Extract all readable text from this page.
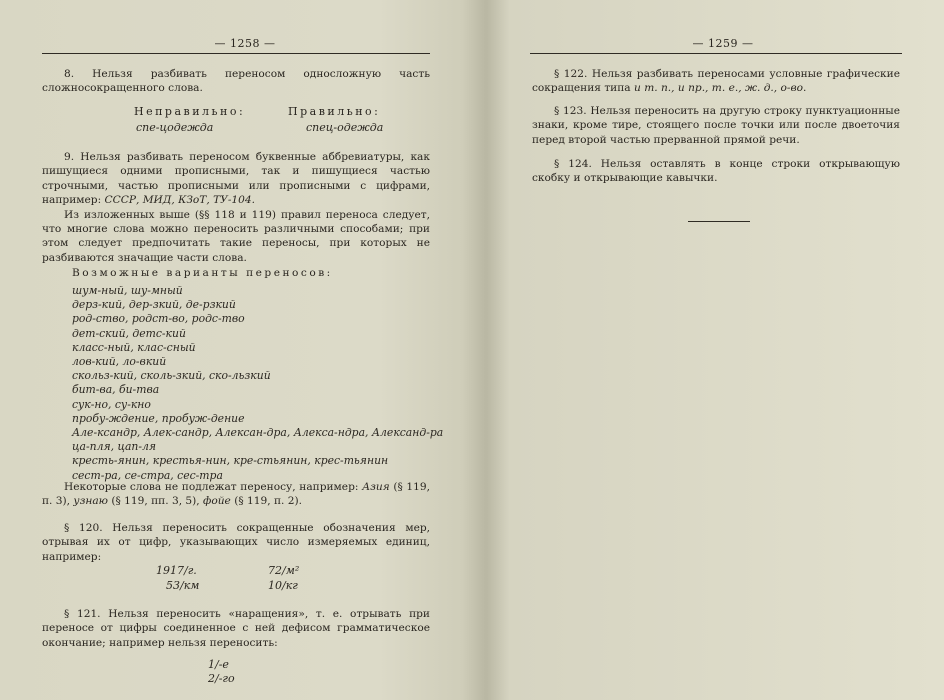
— 1258 —

8. Нельзя разбивать переносом односложную часть сложносокращенного слова.

Неправильно:	Правильно:
спе-цодежда	спец-одежда

9. Нельзя разбивать переносом буквенные аббревиатуры, как пишущиеся одними прописными, так и пишущиеся частью строчными, частью прописными или прописными с цифрами, например: СССР, МИД, КЗоТ, ТУ-104.

Из изложенных выше (§§ 118 и 119) правил переноса следует, что многие слова можно переносить различными способами; при этом следует предпочитать такие переносы, при которых не разбиваются значащие части слова.

Возможные варианты переносов:

шум-ный, шу-мный
дерз-кий, дер-зкий, де-рзкий
род-ство, родст-во, родс-тво
дет-ский, детс-кий
класс-ный, клас-сный
лов-кий, ло-вкий
скольз-кий, сколь-зкий, ско-льзкий
бит-ва, би-тва
сук-но, су-кно
пробу-ждение, пробуж-дение
Але-ксандр, Алек-сандр, Алексан-дра, Алекса-ндра, Александ-ра
ца-пля, цап-ля
кресть-янин, крестья-нин, кре-стьянин, крес-тьянин
сест-ра, се-стра, сес-тра

Некоторые слова не подлежат переносу, например: Азия (§ 119, п. 3), узнаю (§ 119, пп. 3, 5), фойе (§ 119, п. 2).

§ 120. Нельзя переносить сокращенные обозначения мер, отрывая их от цифр, указывающих число измеряемых единиц, например:

1917/г.	72/м²
53/км	10/кг

§ 121. Нельзя переносить «наращения», т. е. отрывать при переносе от цифры соединенное с ней дефисом грамматическое окончание; например нельзя переносить:

1/-е
2/-го
— 1259 —

§ 122. Нельзя разбивать переносами условные графические сокращения типа и т. п., и пр., т. е., ж. д., о-во.

§ 123. Нельзя переносить на другую строку пунктуационные знаки, кроме тире, стоящего после точки или после двоеточия перед второй частью прерванной прямой речи.

§ 124. Нельзя оставлять в конце строки открывающую скобку и открывающие кавычки.
